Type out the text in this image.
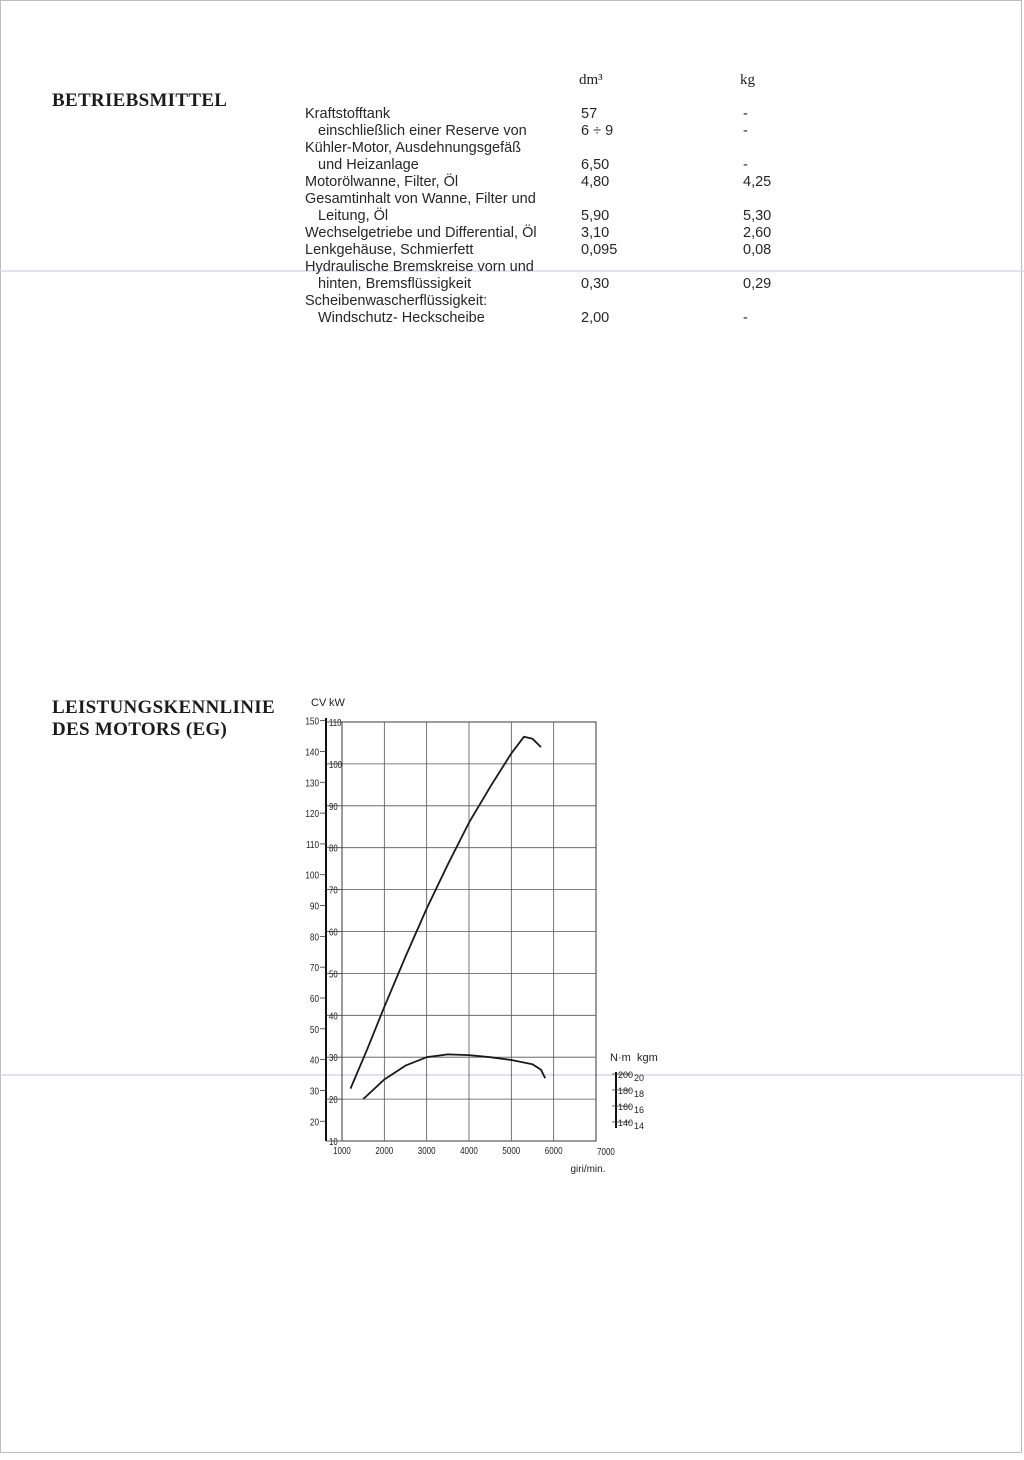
BETRIEBSMITTEL
dm³	kg
Kraftstofftank	57	-
einschließlich einer Reserve von	6 ÷ 9	-
Kühler-Motor, Ausdehnungsgefäß
und Heizanlage	6,50	-
Motorölwanne, Filter, Öl	4,80	4,25
Gesamtinhalt von Wanne, Filter und
Leitung, Öl	5,90	5,30
Wechselgetriebe und Differential, Öl	3,10	2,60
Lenkgehäuse, Schmierfett	0,095	0,08
Hydraulische Bremskreise vorn und
hinten, Bremsflüssigkeit	0,30	0,29
Scheibenwascherflüssigkeit:
Windschutz- Heckscheibe	2,00	-
LEISTUNGSKENNLINIE
DES MOTORS (EG)	110
100
90
80
70
60
50
40
30
20
10
150
140
130
120
110
100
90
80
70
60
50
40
30
20
CV kW
1000 2000 3000 4000 5000 6000	7000
giri/min.
N·m kgm
200 20
180 18
160 16
140 14
